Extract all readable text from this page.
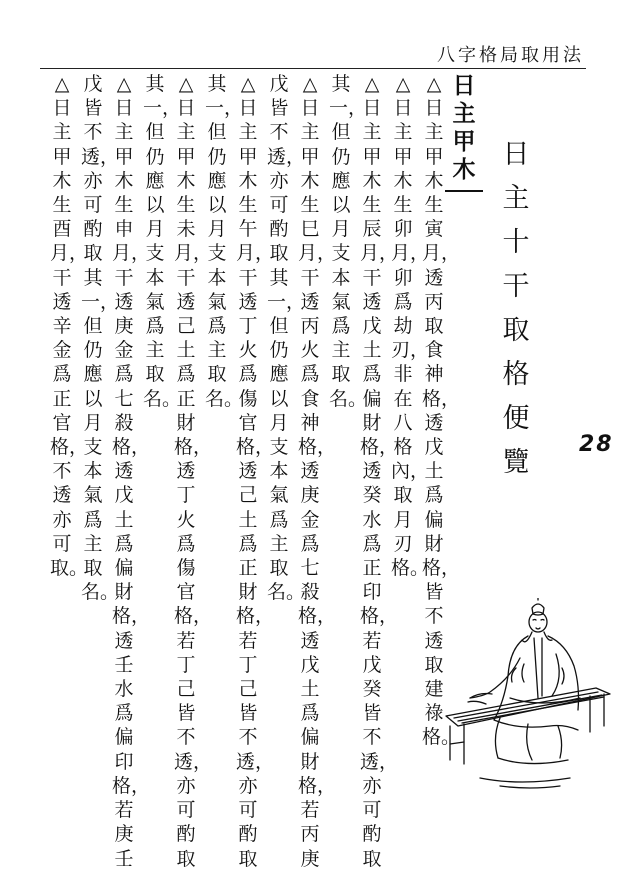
八字格局取用法
28
日主十干取格便覽
日主甲木
△日主甲木生寅月，透丙取食神格，透戊土爲偏財格，皆不透取建祿格。
△日主甲木生卯月，卯爲劫刃，非在八格內，取月刃格。
△日主甲木生辰月，干透戊土爲偏財格，透癸水爲正印格，若戊癸皆不透，亦可酌取
其一，但仍應以月支本氣爲主取名。
△日主甲木生巳月，干透丙火爲食神格，透庚金爲七殺格，透戊土爲偏財格，若丙庚
戊皆不透，亦可酌取其一，但仍應以月支本氣爲主取名。
△日主甲木生午月，干透丁火爲傷官格，透己土爲正財格，若丁己皆不透，亦可酌取
其一，但仍應以月支本氣爲主取名。
△日主甲木生未月，干透己土爲正財格，透丁火爲傷官格，若丁己皆不透，亦可酌取
其一，但仍應以月支本氣爲主取名。
△日主甲木生申月，干透庚金爲七殺格，透戊土爲偏財格，透壬水爲偏印格，若庚壬
戊皆不透，亦可酌取其一，但仍應以月支本氣爲主取名。
△日主甲木生酉月，干透辛金爲正官格，不透亦可取。
